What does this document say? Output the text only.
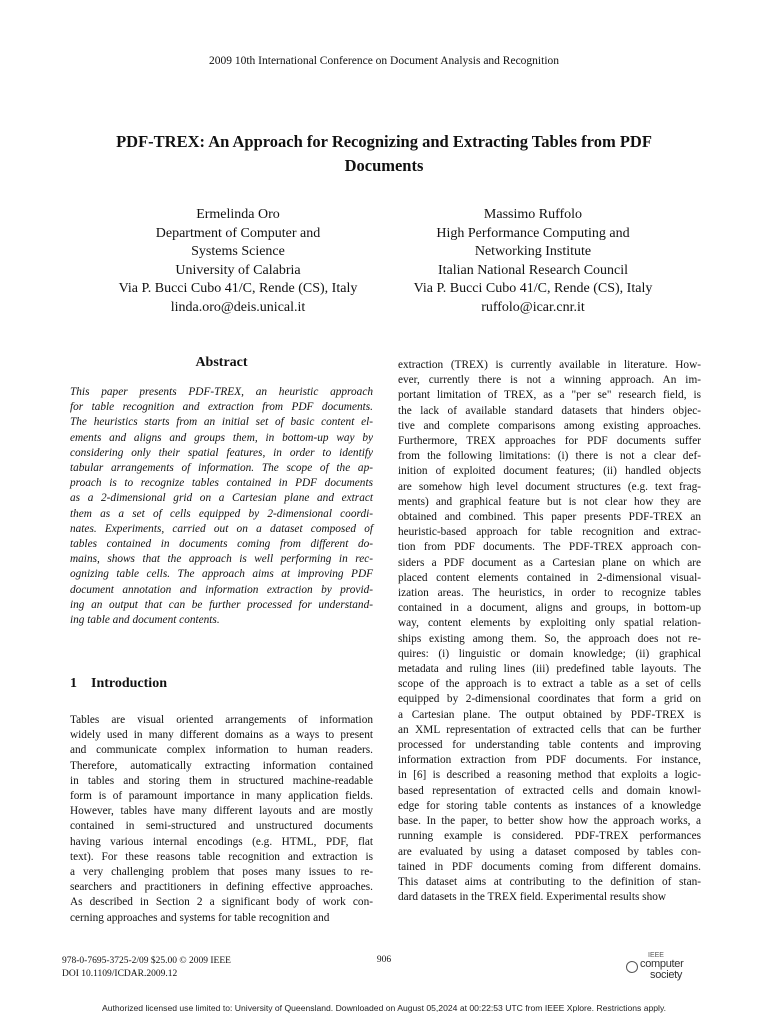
2009 10th International Conference on Document Analysis and Recognition
PDF-TREX: An Approach for Recognizing and Extracting Tables from PDF
Documents
Ermelinda Oro
Department of Computer and
Systems Science
University of Calabria
Via P. Bucci Cubo 41/C, Rende (CS), Italy
linda.oro@deis.unical.it
Massimo Ruffolo
High Performance Computing and
Networking Institute
Italian National Research Council
Via P. Bucci Cubo 41/C, Rende (CS), Italy
ruffolo@icar.cnr.it
Abstract
This paper presents PDF-TREX, an heuristic approach
for table recognition and extraction from PDF documents.
The heuristics starts from an initial set of basic content el-
ements and aligns and groups them, in bottom-up way by
considering only their spatial features, in order to identify
tabular arrangements of information. The scope of the ap-
proach is to recognize tables contained in PDF documents
as a 2-dimensional grid on a Cartesian plane and extract
them as a set of cells equipped by 2-dimensional coordi-
nates. Experiments, carried out on a dataset composed of
tables contained in documents coming from different do-
mains, shows that the approach is well performing in rec-
ognizing table cells. The approach aims at improving PDF
document annotation and information extraction by provid-
ing an output that can be further processed for understand-
ing table and document contents.
1 Introduction
Tables are visual oriented arrangements of information
widely used in many different domains as a ways to present
and communicate complex information to human readers.
Therefore, automatically extracting information contained
in tables and storing them in structured machine-readable
form is of paramount importance in many application fields.
However, tables have many different layouts and are mostly
contained in semi-structured and unstructured documents
having various internal encodings (e.g. HTML, PDF, flat
text). For these reasons table recognition and extraction is
a very challenging problem that poses many issues to re-
searchers and practitioners in defining effective approaches.
As described in Section 2 a significant body of work con-
cerning approaches and systems for table recognition and
extraction (TREX) is currently available in literature. How-
ever, currently there is not a winning approach. An im-
portant limitation of TREX, as a "per se" research field, is
the lack of available standard datasets that hinders objec-
tive and complete comparisons among existing approaches.
Furthermore, TREX approaches for PDF documents suffer
from the following limitations: (i) there is not a clear def-
inition of exploited document features; (ii) handled objects
are somehow high level document structures (e.g. text frag-
ments) and graphical feature but is not clear how they are
obtained and combined. This paper presents PDF-TREX an
heuristic-based approach for table recognition and extrac-
tion from PDF documents. The PDF-TREX approach con-
siders a PDF document as a Cartesian plane on which are
placed content elements contained in 2-dimensional visual-
ization areas. The heuristics, in order to recognize tables
contained in a document, aligns and groups, in bottom-up
way, content elements by exploiting only spatial relation-
ships existing among them. So, the approach does not re-
quires: (i) linguistic or domain knowledge; (ii) graphical
metadata and ruling lines (iii) predefined table layouts. The
scope of the approach is to extract a table as a set of cells
equipped by 2-dimensional coordinates that form a grid on
a Cartesian plane. The output obtained by PDF-TREX is
an XML representation of extracted cells that can be further
processed for understanding table contents and improving
information extraction from PDF documents. For instance,
in [6] is described a reasoning method that exploits a logic-
based representation of extracted cells and domain knowl-
edge for storing table contents as instances of a knowledge
base. In the paper, to better show how the approach works, a
running example is considered. PDF-TREX performances
are evaluated by using a dataset composed by tables con-
tained in PDF documents coming from different domains.
This dataset aims at contributing to the definition of stan-
dard datasets in the TREX field. Experimental results show
978-0-7695-3725-2/09 $25.00 © 2009 IEEE
DOI 10.1109/ICDAR.2009.12
906	IEEE
computer
society
Authorized licensed use limited to: University of Queensland. Downloaded on August 05,2024 at 00:22:53 UTC from IEEE Xplore. Restrictions apply.
